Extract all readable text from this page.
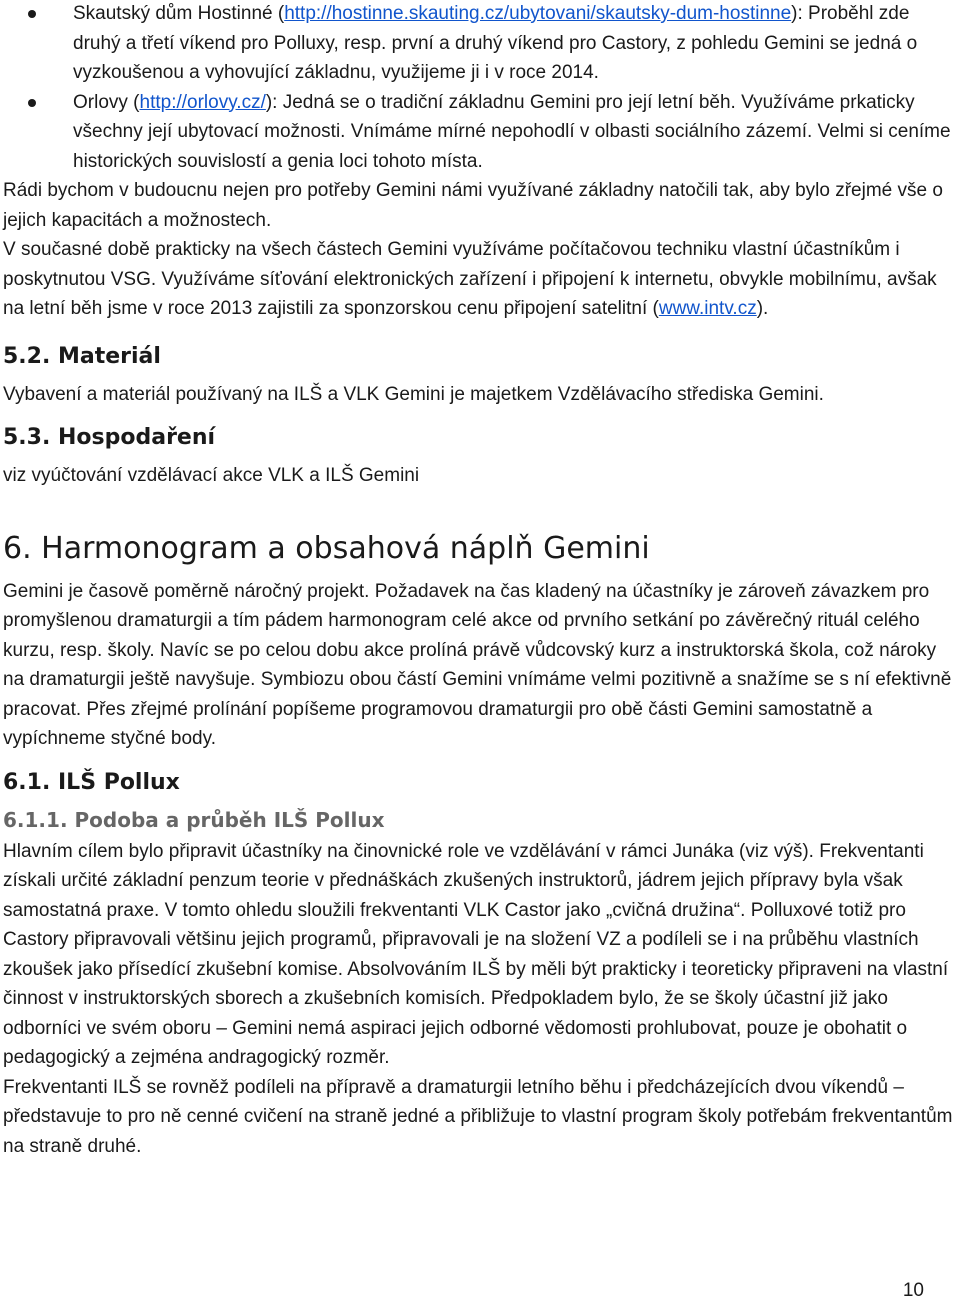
Skautský dům Hostinné (http://hostinne.skauting.cz/ubytovani/skautsky-dum-hostinne): Proběhl zde druhý a třetí víkend pro Polluxy, resp. první a druhý víkend pro Castory, z pohledu Gemini se jedná o vyzkoušenou a vyhovující základnu, využijeme ji i v roce 2014.
Orlovy (http://orlovy.cz/): Jedná se o tradiční základnu Gemini pro její letní běh. Využíváme prkaticky všechny její ubytovací možnosti. Vnímáme mírné nepohodlí v olbasti sociálního zázemí. Velmi si ceníme historických souvislostí a genia loci tohoto místa.

Rádi bychom v budoucnu nejen pro potřeby Gemini námi využívané základny natočili tak, aby bylo zřejmé vše o jejich kapacitách a možnostech.

V současné době prakticky na všech částech Gemini využíváme počítačovou techniku vlastní účastníkům i poskytnutou VSG. Využíváme síťování elektronických zařízení i připojení k internetu, obvykle mobilnímu, avšak na letní běh jsme v roce 2013 zajistili za sponzorskou cenu připojení satelitní (www.intv.cz).

5.2. Materiál

Vybavení a materiál používaný na ILŠ a VLK Gemini je majetkem Vzdělávacího střediska Gemini.

5.3. Hospodaření

viz vyúčtování vzdělávací akce VLK a ILŠ Gemini

6. Harmonogram a obsahová náplň Gemini

Gemini je časově poměrně náročný projekt. Požadavek na čas kladený na účastníky je zároveň závazkem pro promyšlenou dramaturgii a tím pádem harmonogram celé akce od prvního setkání po závěrečný rituál celého kurzu, resp. školy. Navíc se po celou dobu akce prolíná právě vůdcovský kurz a instruktorská škola, což nároky na dramaturgii ještě navyšuje. Symbiozu obou částí Gemini vnímáme velmi pozitivně a snažíme se s ní efektivně pracovat. Přes zřejmé prolínání popíšeme programovou dramaturgii pro obě části Gemini samostatně a vypíchneme styčné body.

6.1. ILŠ Pollux
6.1.1. Podoba a průběh ILŠ Pollux

Hlavním cílem bylo připravit účastníky na činovnické role ve vzdělávání v rámci Junáka (viz výš). Frekventanti získali určité základní penzum teorie v přednáškách zkušených instruktorů, jádrem jejich přípravy byla však samostatná praxe. V tomto ohledu sloužili frekventanti VLK Castor jako „cvičná družina“. Polluxové totiž pro Castory připravovali většinu jejich programů, připravovali je na složení VZ a podíleli se i na průběhu vlastních zkoušek jako přísedící zkušební komise. Absolvováním ILŠ by měli být prakticky i teoreticky připraveni na vlastní činnost v instruktorských sborech a zkušebních komisích. Předpokladem bylo, že se školy účastní již jako odborníci ve svém oboru – Gemini nemá aspiraci jejich odborné vědomosti prohlubovat, pouze je obohatit o pedagogický a zejména andragogický rozměr.

Frekventanti ILŠ se rovněž podíleli na přípravě a dramaturgii letního běhu i předcházejících dvou víkendů – představuje to pro ně cenné cvičení na straně jedné a přibližuje to vlastní program školy potřebám frekventantům na straně druhé.

10
